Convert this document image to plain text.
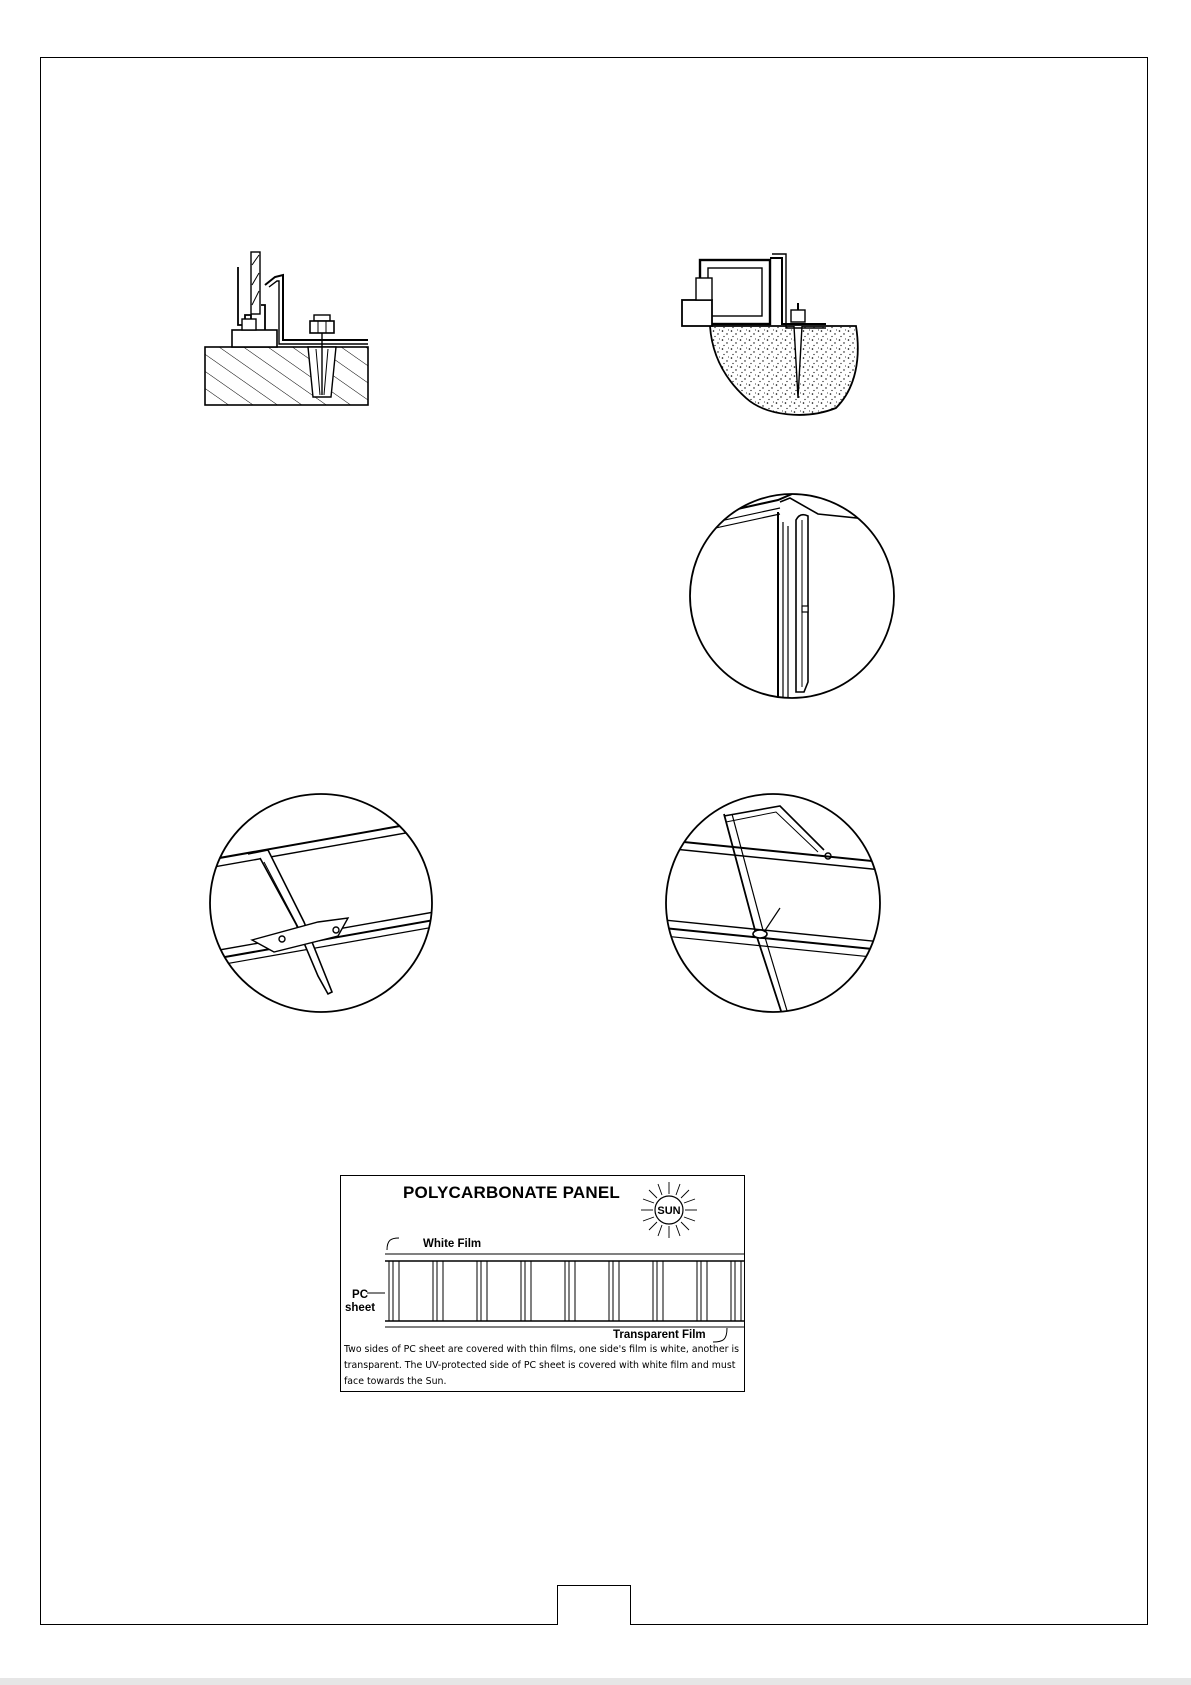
POLYCARBONATE PANEL
SUN
White Film
PC
sheet
Transparent Film
Two sides of PC sheet are covered with thin films, one side's film is white, another is transparent. The UV-protected side of PC sheet is covered with white film and must face towards the Sun.
